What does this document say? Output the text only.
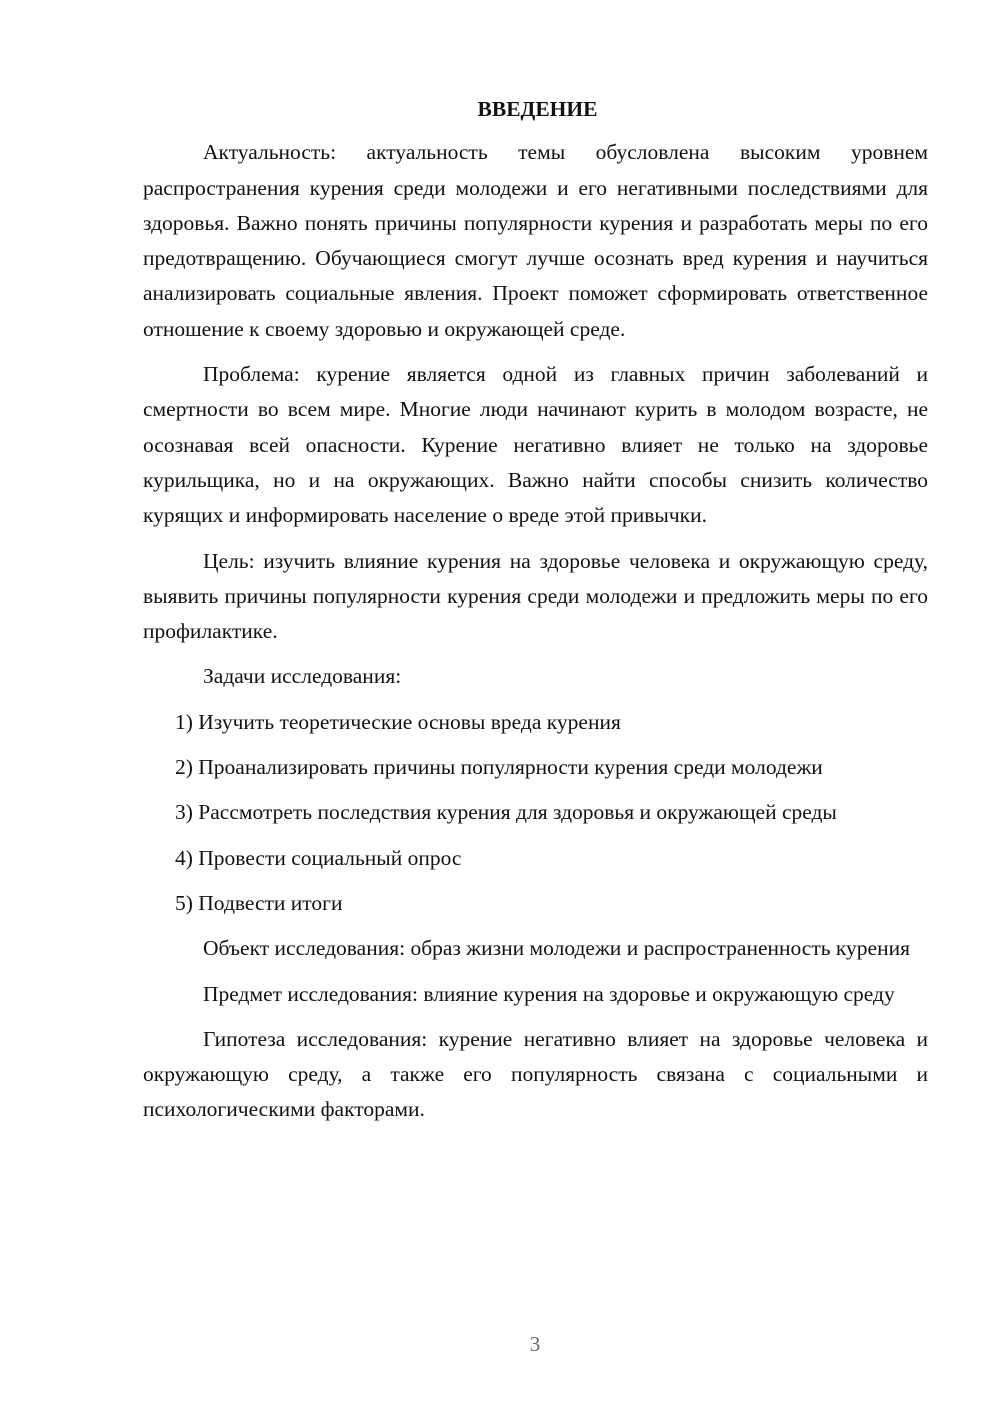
ВВЕДЕНИЕ

Актуальность: актуальность темы обусловлена высоким уровнем распространения курения среди молодежи и его негативными последствиями для здоровья. Важно понять причины популярности курения и разработать меры по его предотвращению. Обучающиеся смогут лучше осознать вред курения и научиться анализировать социальные явления. Проект поможет сформировать ответственное отношение к своему здоровью и окружающей среде.

Проблема: курение является одной из главных причин заболеваний и смертности во всем мире. Многие люди начинают курить в молодом возрасте, не осознавая всей опасности. Курение негативно влияет не только на здоровье курильщика, но и на окружающих. Важно найти способы снизить количество курящих и информировать население о вреде этой привычки.

Цель: изучить влияние курения на здоровье человека и окружающую среду, выявить причины популярности курения среди молодежи и предложить меры по его профилактике.

Задачи исследования:

1) Изучить теоретические основы вреда курения

2) Проанализировать причины популярности курения среди молодежи

3) Рассмотреть последствия курения для здоровья и окружающей среды

4) Провести социальный опрос

5) Подвести итоги

Объект исследования: образ жизни молодежи и распространенность курения

Предмет исследования: влияние курения на здоровье и окружающую среду

Гипотеза исследования: курение негативно влияет на здоровье человека и окружающую среду, а также его популярность связана с социальными и психологическими факторами.

3
